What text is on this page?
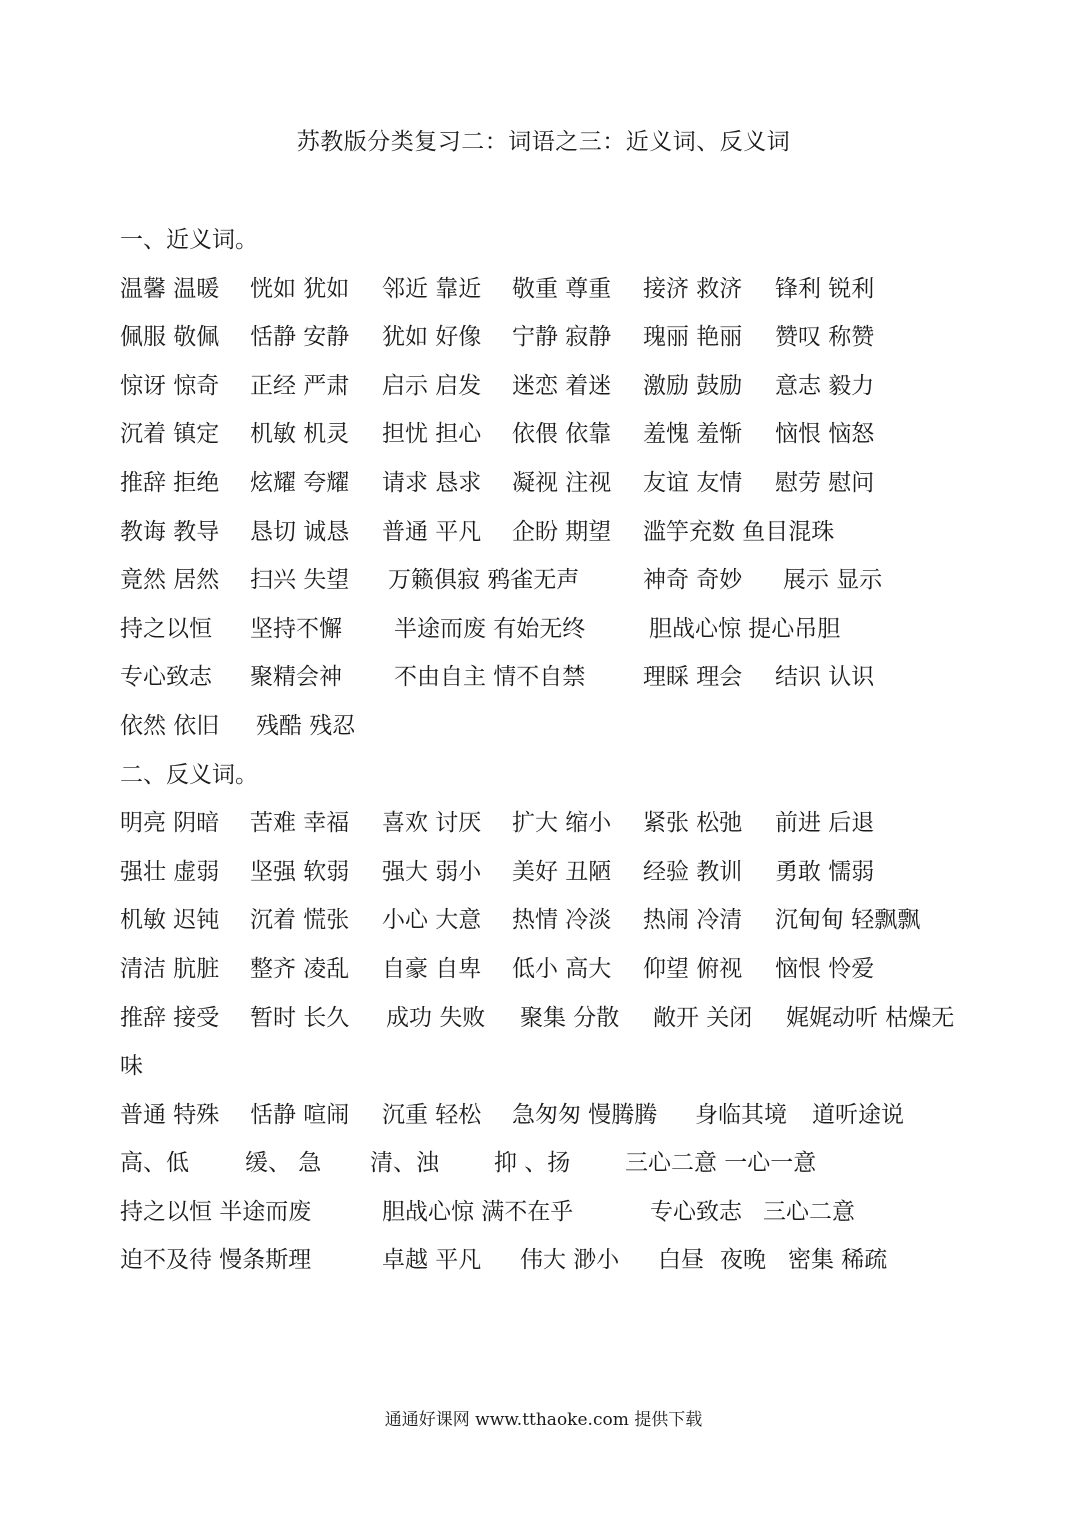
苏教版分类复习二：词语之三：近义词、反义词
一、近义词。
温馨 温暖 恍如 犹如 邻近 靠近 敬重 尊重 接济 救济 锋利 锐利
佩服 敬佩 恬静 安静 犹如 好像 宁静 寂静 瑰丽 艳丽 赞叹 称赞
惊讶 惊奇 正经 严肃 启示 启发 迷恋 着迷 激励 鼓励 意志 毅力
沉着 镇定 机敏 机灵 担忧 担心 依偎 依靠 羞愧 羞惭 恼恨 恼怒
推辞 拒绝 炫耀 夸耀 请求 恳求 凝视 注视 友谊 友情 慰劳 慰问
教诲 教导 恳切 诚恳 普通 平凡 企盼 期望 滥竽充数 鱼目混珠
竟然 居然 扫兴 失望 万籁俱寂 鸦雀无声	神奇 奇妙 展示 显示
持之以恒 坚持不懈 半途而废 有始无终	胆战心惊 提心吊胆
专心致志 聚精会神 不由自主 情不自禁	理睬 理会 结识 认识
依然 依旧 残酷 残忍
二、反义词。
明亮 阴暗 苦难 幸福 喜欢 讨厌 扩大 缩小 紧张 松弛 前进 后退
强壮 虚弱 坚强 软弱 强大 弱小 美好 丑陋 经验 教训 勇敢 懦弱
机敏 迟钝 沉着 慌张 小心 大意 热情 冷淡 热闹 冷清 沉甸甸 轻飘飘
清洁 肮脏 整齐 凌乱 自豪 自卑 低小 高大 仰望 俯视 恼恨 怜爱
推辞 接受 暂时 长久 成功 失败 聚集 分散 敞开 关闭 娓娓动听 枯燥无
味
普通 特殊 恬静 喧闹 沉重 轻松 急匆匆 慢腾腾 身临其境 道听途说
高、低 缓、 急 清、浊 抑 、扬 三心二意 一心一意
持之以恒 半途而废	胆战心惊 满不在乎	专心致志 三心二意
迫不及待 慢条斯理	卓越 平凡 伟大 渺小 白昼 夜晚 密集 稀疏
通通好课网 www.tthaoke.com 提供下载
